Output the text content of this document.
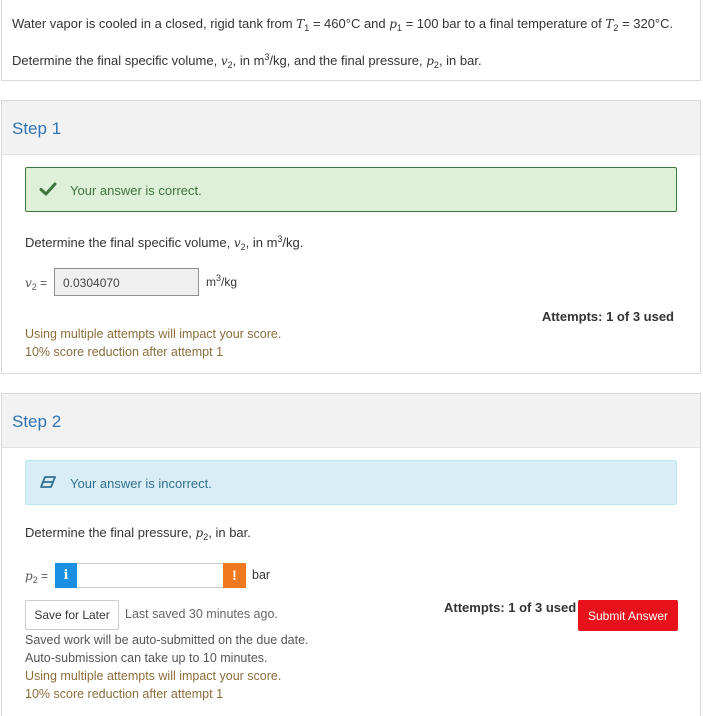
Water vapor is cooled in a closed, rigid tank from $T_1 = 460^\circ C$ and $p_1 = 100$ bar to a final temperature of $T_2 = 320^\circ C$.

Determine the final specific volume, $v_2$, in $m^3/kg$, and the final pressure, $p_2$, in bar.

Step 1
Your answer is correct.
Determine the final specific volume, $v_2$, in $m^3/kg$.
$v_2$ =	0.0304070	$m^3/kg$
Attempts: 1 of 3 used
Using multiple attempts will impact your score.
10% score reduction after attempt 1
Step 2
Your answer is incorrect.
Determine the final pressure, $p_2$, in bar.
$p_2$ =	i	!	bar
Save for Later	Last saved 30 minutes ago.	Attempts: 1 of 3 used
Submit Answer
Saved work will be auto-submitted on the due date.
Auto-submission can take up to 10 minutes.
Using multiple attempts will impact your score.
10% score reduction after attempt 1
